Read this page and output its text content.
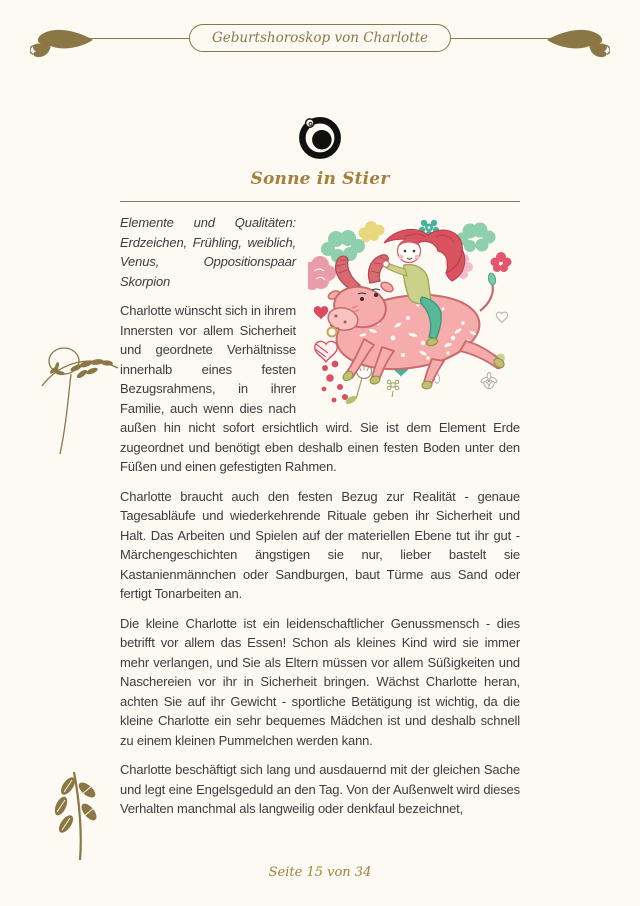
Geburtshoroskop von Charlotte
Sonne in Stier

Elemente und Qualitäten: Erdzeichen, Frühling, weiblich, Venus, Oppositionspaar Skorpion

Charlotte wünscht sich in ihrem Innersten vor allem Sicherheit und geordnete Verhältnisse innerhalb eines festen Bezugsrahmens, in ihrer Familie, auch wenn dies nach außen hin nicht sofort ersichtlich wird. Sie ist dem Element Erde zugeordnet und benötigt eben deshalb einen festen Boden unter den Füßen und einen gefestigten Rahmen.

Charlotte braucht auch den festen Bezug zur Realität - genaue Tagesabläufe und wiederkehrende Rituale geben ihr Sicherheit und Halt. Das Arbeiten und Spielen auf der materiellen Ebene tut ihr gut - Märchengeschichten ängstigen sie nur, lieber bastelt sie Kastanienmännchen oder Sandburgen, baut Türme aus Sand oder fertigt Tonarbeiten an.

Die kleine Charlotte ist ein leidenschaftlicher Genussmensch - dies betrifft vor allem das Essen! Schon als kleines Kind wird sie immer mehr verlangen, und Sie als Eltern müssen vor allem Süßigkeiten und Naschereien vor ihr in Sicherheit bringen. Wächst Charlotte heran, achten Sie auf ihr Gewicht - sportliche Betätigung ist wichtig, da die kleine Charlotte ein sehr bequemes Mädchen ist und deshalb schnell zu einem kleinen Pummelchen werden kann.

Charlotte beschäftigt sich lang und ausdauernd mit der gleichen Sache und legt eine Engelsgeduld an den Tag. Von der Außenwelt wird dieses Verhalten manchmal als langweilig oder denkfaul bezeichnet,

Seite 15 von 34
